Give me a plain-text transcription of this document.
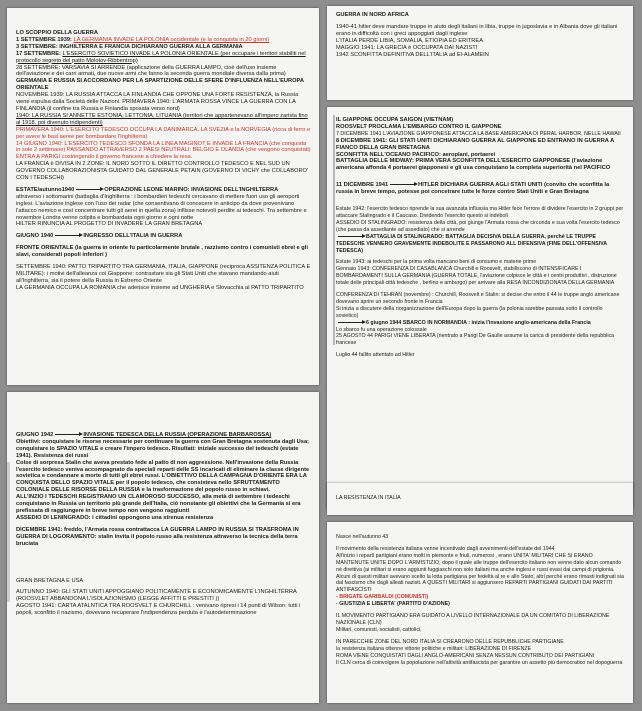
LO SCOPPIO DELLA GUERRA

1 SETTEMBRE 1939: LA GERMANIA INVADE LA POLONIA occidentale (e la conquista in 20 giorni)

3 SETTEMBRE: INGHILTERRA E FRANCIA DICHIARANO GUERRA ALLA GERMANIA

17 SETTEMBRE: L'ESERCITO SOVIETICO INVADE LA POLONIA ORIENTALE (per occupare i territori stabiliti nel protocollo segreto del patto Molotov-Ribbentrop)

28 SETTEMBRE: VARSAVIA SI ARRENDE (applicazione della GUERRA LAMPO, cioè dell'uso insieme dell'aviazione e dei carri armati, due nuove armi che fanno la seconda guerra mondiale diversa dalla prima)

GERMANIA E RUSSIA SI ACCORDANO PER LA SPARTIZIONE DELLE SFERE D'INFLUENZA NELL'EUROPA ORIENTALE

NOVEMBRE 1939: LA RUSSIA ATTACCA LA FINLANDIA CHE OPPONE UNA FORTE RESISTENZA, la Russia viene espulsa dalla Società delle Nazioni. PRIMAVERA 1940: L'ARMATA ROSSA VINCE LA GUERRA CON LA FINLANDIA (il confine tra Russia e Finlandia sposata verso nord)

1940: LA RUSSIA SI ANNETTE ESTONIA, LETTONIA, LITUANIA (territori che appartenevano all'impero zarista fino al 1918, poi divenuto indipendenti)

PRIMAVERA 1940: L'ESERCITO TEDESCO OCCUPA LA DANIMARCA, LA SVEZIA e la NORVEGIA (ricca di ferro e per avere le basi aeree per bombardare l'Inghilterra)

14 GIUGNO 1940: L'ESERCITO TEDESCO SFONDA LA LINEA MAGINOT E INVADE LA FRANCIA (che conquista in sole 2 settimane) PASSANDO ATTRAVERSO 2 PAESI NEUTRALI: BELGIO E OLANDA (che vengono conquistati)

ENTRA A PARIGI costringendo il governo francese a chiedere la resa.

LA FRANCIA è DIVISA IN 2 ZONE: IL NORD SOTTO IL DIRETTO CONTROLLO TEDESCO E NEL SUD UN GOVERNO COLLABORAZIONISTA GUIDATO DAL GENERALE PETAIN (GOVERNO DI VICHY che COLLABORO' CON I TEDESCHI)

ESTATE/autunno1940	OPERAZIONE LEONE MARINO: INVASIONE DELL'INGHILTERRA

attraverso i sottomarini (battaglia d'Inghilterra : i bombardieri tedeschi cercavano di mettere fuori uso gli aeroporti inglesi. L'aviazione inglese con l'uso dei radar (che consentivano di conoscere in anticipo da dove provenivano l'attacco nemico e così concentrare tutti gli aerei in quella zona) inflisse notevoli perdite ai tedeschi. Tra settembre e novembre Londra venne colpita e bombardata ogni giorno e ogni notte

HILTER RINUNCIA AL PROGETTO DI INVADERE LA GRAN BRETAGNA

GIUGNO 1940	INGRESSO DELL'ITALIA IN GUERRA

FRONTE ORIENTALE (la guerra in oriente fu particolarmente brutale , razzismo contro i comunisti ebrei e gli slavi, considerati popoli inferiori )

SETTEMBRE 1940: PATTO TRIPARTITO TRA GERMANIA, ITALIA, GIAPPONE (reciproca ASSITENZA POLITICA E MILITARE): i motivi dell'alleanza coi Giappone: contrastare sia gli Stati Uniti che stavano mandando aiuti all'Inghilterra, sia il potere della Russia in Estremo Oriente

LA GERMANIA OCCUPA LA ROMANIA che aderisce insieme ad UNGHERIA e Slovacchia al PATTO TRIPARTITO

GUERRA IN NORD AFRICA

1940-41 hitler deve mandare truppe in aiuto degli italiani in libia, truppe in jugoslavia e in Albania dove gli italiani erano in difficoltà con i greci appoggiati dagli inglese

L'ITALIA PERDE LIBIA, SOMALIA, ETIOPIA ED ERITREA

MAGGIO 1941: LA GRECIA è OCCUPATA DAI NAZISTI

1942 SCONFITTA DEFINITIVA DELL'ITALIA ad El-ALAMEIN

IL GIAPPONE OCCUPA SAIGON (VIETNAM)

ROOSVELT PROCLAMA L'EMBARGO CONTRO IL GIAPPONE

7 DICEMBRE 1941 L'AVIAZIONE GIAPPONESE ATTACCA LA BASE AMERICANA DI PERAL HARBOR, NELLE HAWAII

8 DICEMBRE 1941: GLI STATI UNITI DICHIARANO GUERRA AL GIAPPONE ED ENTRANO IN GUERRA A FIANCO DELLA GRAN BRETAGNA

SCONFITTA NELL'OCEANO PACIFICO: aeroplani, portaerei

BATTAGLIA DELLE MIDWAY: PRIMA VERA SCONFITTA DELL'ESERCITO GIAPPONESE (l'aviazione americana affonda 4 portaerei giapponesi e gli usa conquistano la completa superiorità nel PACIFICO

11 DICEMBRE 1941	HITLER DICHIARA GUERRA AGLI STATI UNITI (convito che sconfitta la russia in breve tempo, potesse poi concetrare tutte le forze contro Stati Uniti e Gran Bretagna

Estate 1942: l'esercito tedesco riprende la sua avanzata influssia ma Hitler fece l'errore di dividere l'esercito in 2 gruppi per attaccare Stalingrado e il Caucaso. Dividendo l'esercito questo si indebolì

ASSEDIO DI STALINGRADO: resistenza della città, poi giunge l'Armata rossa che circonda e sua volta l'esercito tedesco (che passa da assediante ad assediato) che si arrende

BATTAGLIA DI STALINGRADO: BATTAGLIA DECISIVA DELLA GUERRA, perché LE TRUPPE TEDESCHE VENNERO GRAVEMENTE INDEBOLITE E PASSARONO ALL DIFENSIVA (FINE DELL'OFFENSIVA TEDESCA)

Estate 1943: ai tedeschi per la prima volta mancano beni di consumo e materie prime

Gennaio 1943: CONFERENZA DI CASABLANCA Churchill e Roosvelt, stabiliscono di INTENSIFICARE I BOMBARDAMENTI SULLA GERMANIA (GUERRA TOTALE, l'aviazione colpisce le città e i centri produttivi , distruzione totale delle principali città tedesche , berlino e amburgo) per arrivare alla RESA INCONDIZIONATA DELLA GERMANIA

CONFERENZA DI TEHRAN (novembre) : Churchill, Roosvelt e Stalin: si decise che entro il 44 le truppe anglo americane dovevano aprire un secondo fronte in Francia

Si inizia a discutere della riorganizzazione dell'Europa dopo la guerra (la polonia sarebbe passata sotto il controllo sovietico)

6 giugno 1944 SBARCO IN NORMANDIA : inizia l'invasione anglo-americana della Francia

Lo sbarco fu una operazione colossale

25 AGOSTO 44 PARIGI VIENE LIBERATA (rientrato a Parigi De Gaulle assume la carica di presidente della repubblica francese

Luglio 44 fallito attentato ad Hitler

GIUGNO 1942	INVASIONE TEDESCA DELLA RUSSIA (OPERAZIONE BARBAROSSA)

Obiettivi: conquistare le risorse necessarie per continuare la guerra con Gran Bretagna sostenuta dagli Usa; conquistare lo SPAZIO VITALE e creare l'impero tedesco. Risultati: iniziale successo del tedeschi (estate 1941). Resistenza dei russi

Colse di sorpresa Stalin che aveva prestato fede al patto di non aggressione. Nell'invasione della Russia l'esercito tedesco veniva accompagnato da speciali reparti delle SS incaricati di eliminare la classe dirigente sovietica e condannare a morte di tutti gli ebrei russi. L'OBIETTIVO DELLA CAMPAGNA D'ORIENTE ERA LA CONQUISTA DELLO SPAZIO VITALE per il popolo tedesco, che consisteva nello SFRUTTAMENTO COLONIALE DELLE RISORSE DELLA RUSSIA e la trasformazione del popolo russo in schiavi.

ALL'INZIO I TEDESCHI REGISTRANO UN CLAMOROSO SUCCESSO, alla metà di settembre i tedeschi conquistano in Russia un territorio più grande dell'Italia, ciò nonstante gli obiettivi che la Germania si era prefissata di raggiungere in breve tempo non vengono raggiunti

ASSEDIO DI LENINGRADO: i cittadini oppongono una strenua resistenza

DICEMBRE 1941: freddo, l'Armata rossa contrattacca LA GUERRA LAMPO IN RUSSIA SI TRASFROMA IN GUERRA DI LOGORAMENTO: stalin invita il popolo russo alla resistenza attraverso la tecnica della terra bruciata

GRAN BRETAGNA E USA

AUTUNNO 1940: GLI STATI UNITI APPOGGIANO POLITICAMENTE E ECONOMICAMENTE L'INGHILTERRA (ROOSVLET ABBANDONA L'ISOLAZIONISMO (LEGGE AFFITTI E PRESTITI ))

AGOSTO 1941: CARTA ATALNTICA TRA ROOSVELT E CHURCHILL : venivano ripresi i 14 punti di Wilson: tutti i popoli, sconfitto il nazismo, dovevano recuperare l'indipendenza perduta e l'autodeterminazione

LA RESISTENZA IN ITALIA

Nasce nell'autunno 43

Il movimento della resistenza italiana venne incentivato dagli avvenimenti dell'estate del 1944

All'inizio i reparti partigiani erano molti in piemonte e friuli, numerosi , erano UNITA' MILITARI CHE SI ERANO MANTENUTE UNITE DOPO L'ARMISTIZIO, dopo il quale alle truppe dell'esercito italiano non venne dato alcun comando nè direttiva (ai militari si erano aggiunti fuggiaschi non solo italiani ma anche inglesi e russi evasi dai campi di prigionia. Alcuni di questi militari avevano scelto la lotta partigiana per fedeltà al re e allo Stato, altri perchè erano rimasti indignati sia dal fascismo che dagli alleati nazisti. A QUESTI MILITARI si aggiunsero REPARTI PARTIGIANI GUIDATI DAI PARTITI ANTIFASCISTI

- BRIGATE GARIBALDI (COMUNISTI)

- GIUSTIZIA E LIBERTA' (PARTITO D'AZIONE)

IL MOVIMENTO PARTIGIANO ERA GUIDATO A LIVELLO INTERNAZIONALE DA UN COMITATO DI LIBERAZIONE NAZIONALE (CLN)

Militari, comunisti, socialisti, cattolici,

IN PARECCHIE ZONE DEL NORD ITALIA SI CREARONO DELLE REPUBBLICHE PARTIGIANE

la resistenza italiana ottenne vittorie politiche e militari: LIBERAZIONE DI FIRENZE

ROMA VIENE CONQUISTATI DAGLI ANGLO-AMERICANI SENZA NESSUN CONTRIBUTO DEI PARTIGIANI

Il CLN cerca di coinvolgere la popolazione nell'attività antifascista per garantire un assetto più democratico nel dopoguerra
